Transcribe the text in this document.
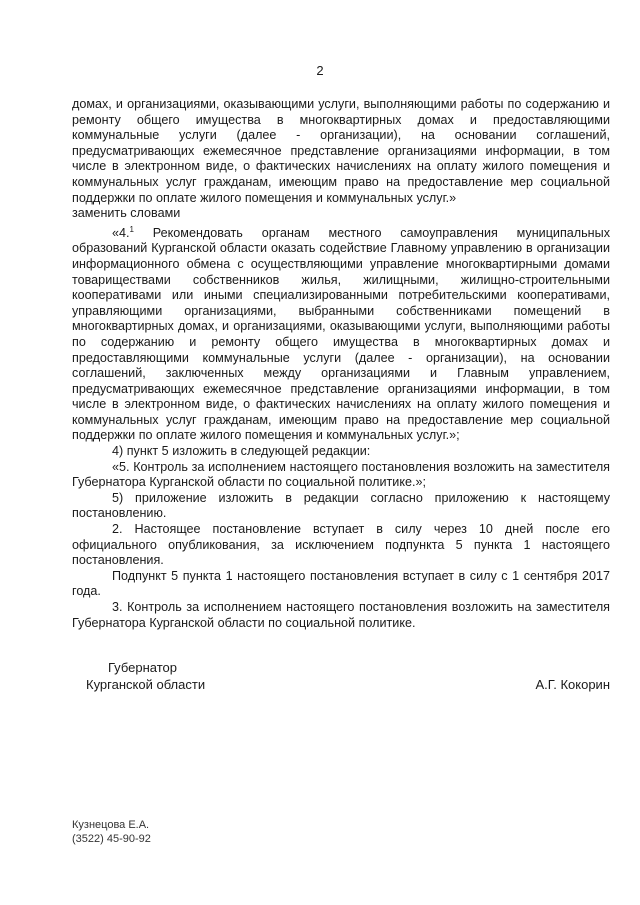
2

домах, и организациями, оказывающими услуги, выполняющими работы по содержанию и ремонту общего имущества в многоквартирных домах и предоставляющими коммунальные услуги (далее - организации), на основании соглашений, предусматривающих ежемесячное представление организациями информации, в том числе в электронном виде, о фактических начислениях на оплату жилого помещения и коммунальных услуг гражданам, имеющим право на предоставление мер социальной поддержки по оплате жилого помещения и коммунальных услуг.»

заменить словами

«4.$^1$ Рекомендовать органам местного самоуправления муниципальных образований Курганской области оказать содействие Главному управлению в организации информационного обмена с осуществляющими управление многоквартирными домами товариществами собственников жилья, жилищными, жилищно-строительными кооперативами или иными специализированными потребительскими кооперативами, управляющими организациями, выбранными собственниками помещений в многоквартирных домах, и организациями, оказывающими услуги, выполняющими работы по содержанию и ремонту общего имущества в многоквартирных домах и предоставляющими коммунальные услуги (далее - организации), на основании соглашений, заключенных между организациями и Главным управлением, предусматривающих ежемесячное представление организациями информации, в том числе в электронном виде, о фактических начислениях на оплату жилого помещения и коммунальных услуг гражданам, имеющим право на предоставление мер социальной поддержки по оплате жилого помещения и коммунальных услуг.»;

4) пункт 5 изложить в следующей редакции:

«5. Контроль за исполнением настоящего постановления возложить на заместителя Губернатора Курганской области по социальной политике.»;

5) приложение изложить в редакции согласно приложению к настоящему постановлению.

2. Настоящее постановление вступает в силу через 10 дней после его официального опубликования, за исключением подпункта 5 пункта 1 настоящего постановления.

Подпункт 5 пункта 1 настоящего постановления вступает в силу с 1 сентября 2017 года.

3. Контроль за исполнением настоящего постановления возложить на заместителя Губернатора Курганской области по социальной политике.

Губернатор
Курганской области	А.Г. Кокорин
Кузнецова Е.А.
(3522) 45-90-92
